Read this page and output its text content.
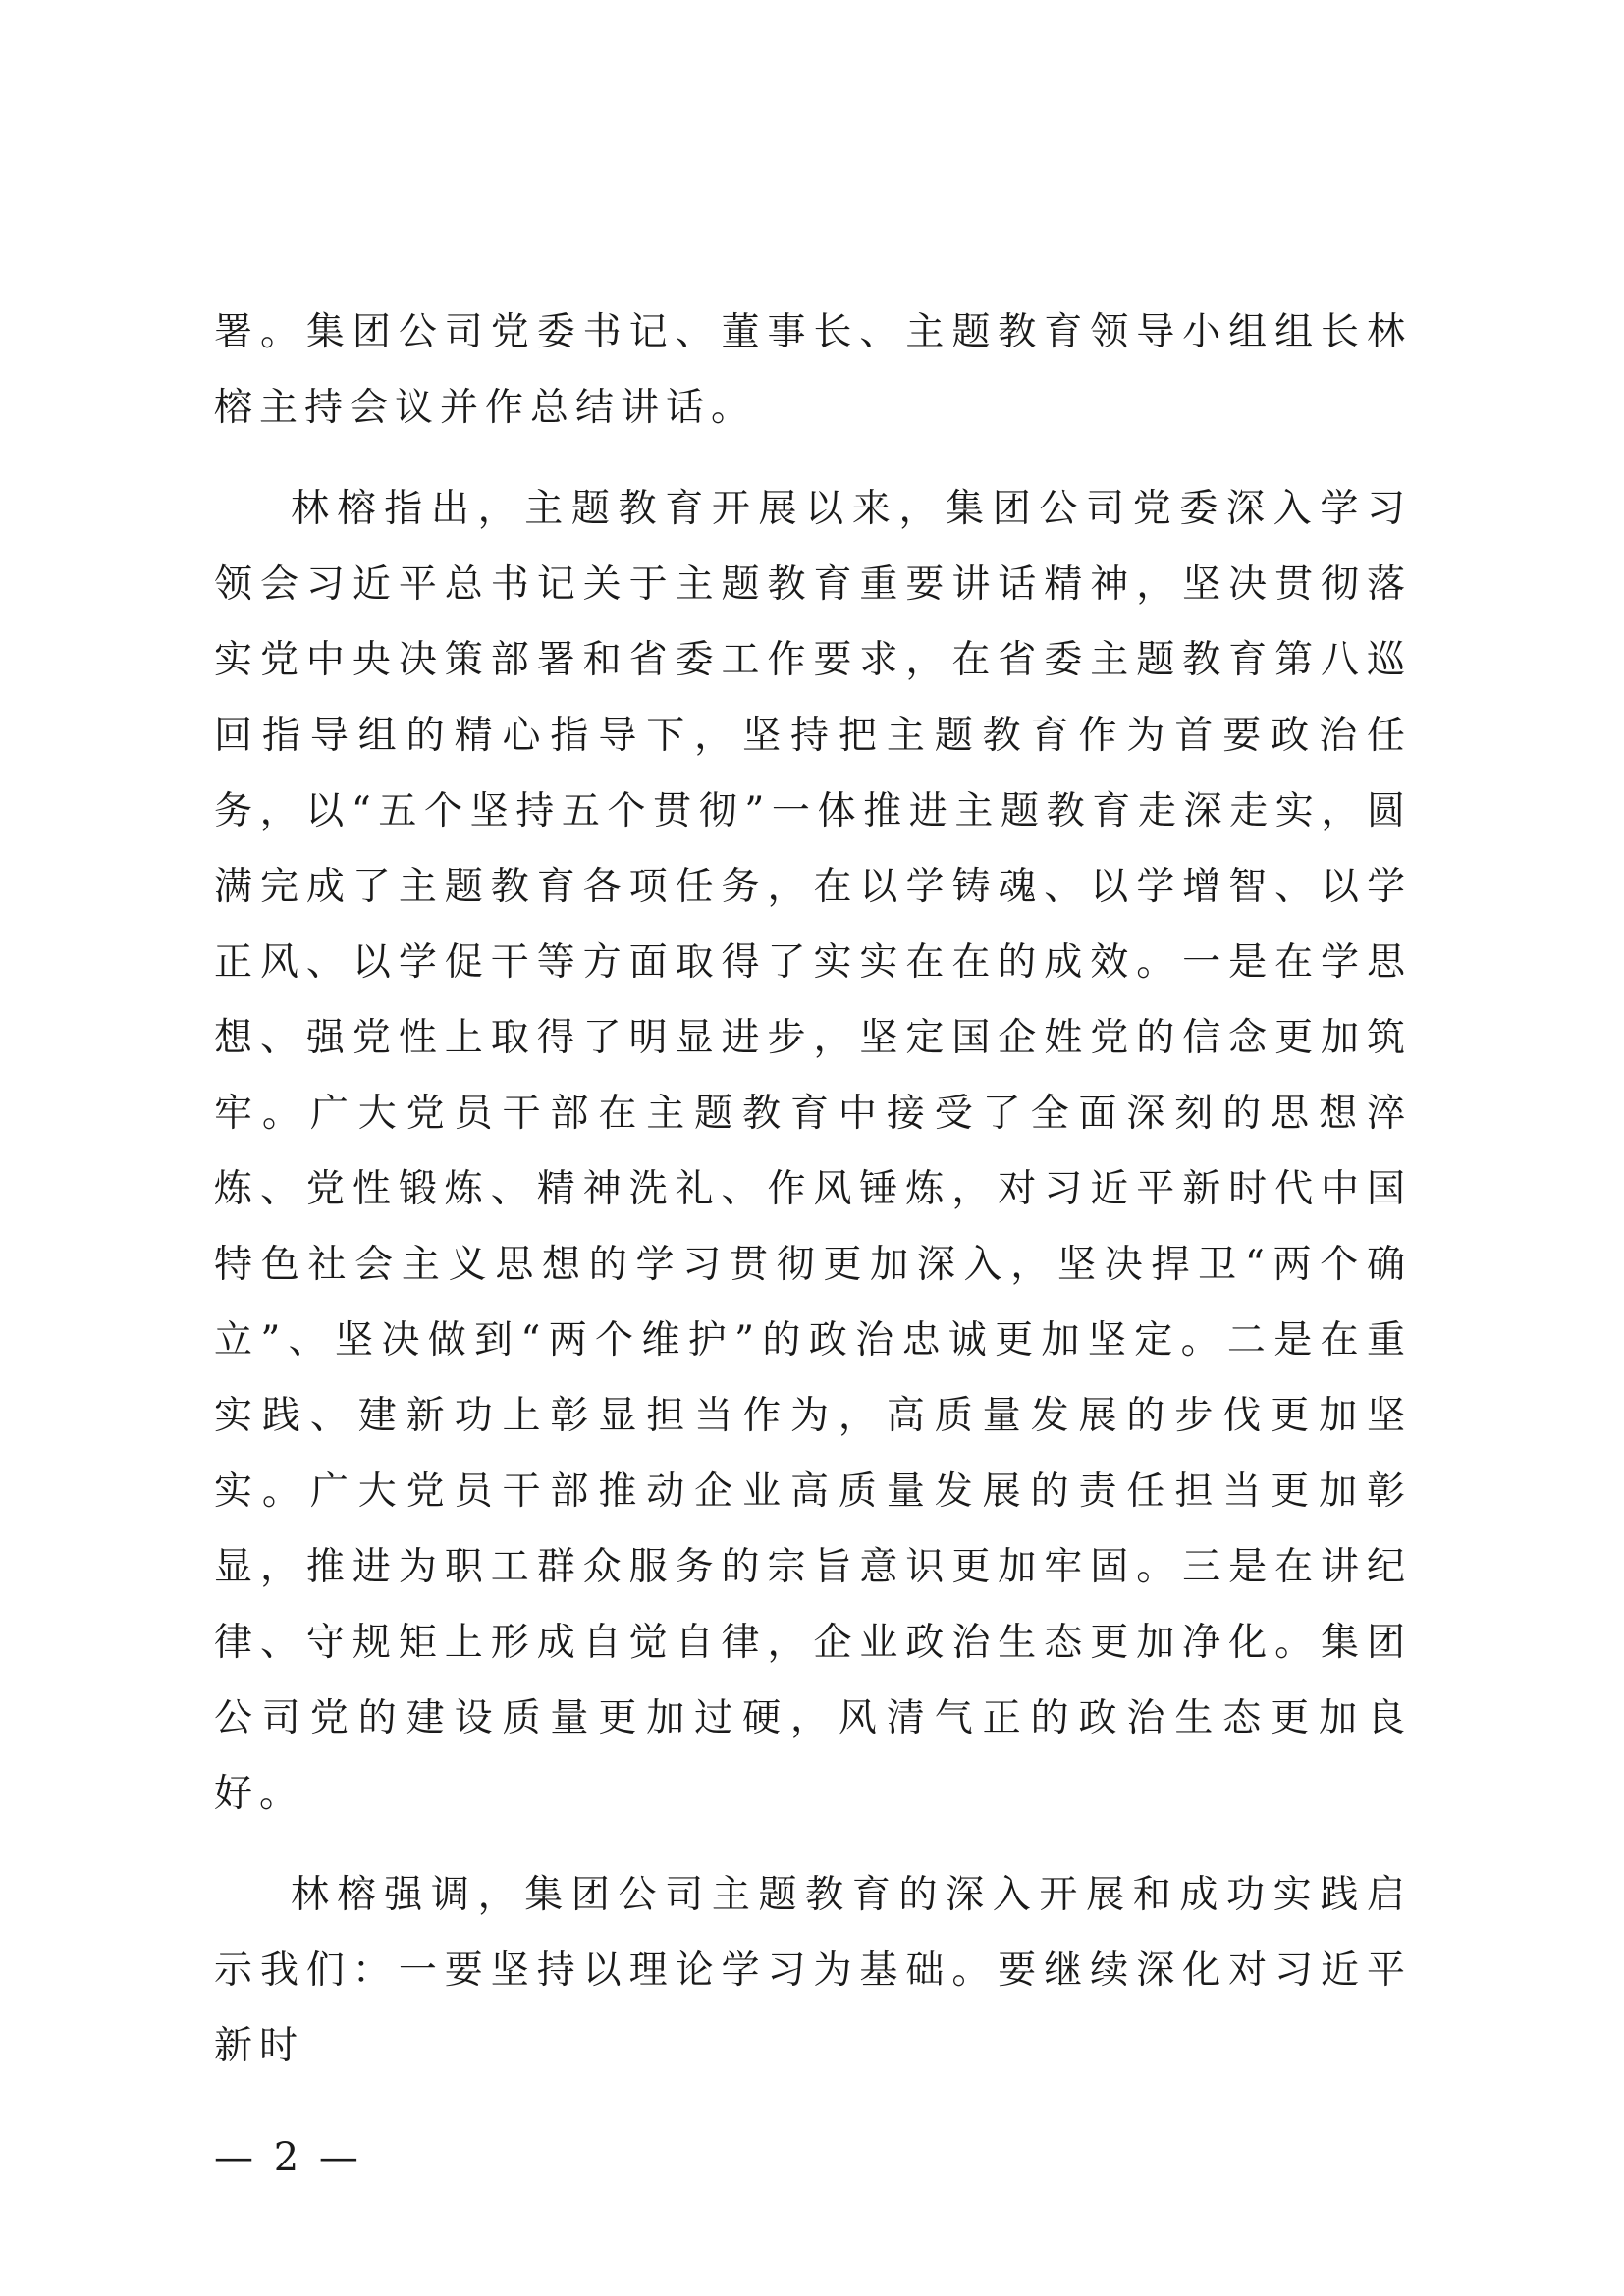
署。集团公司党委书记、董事长、主题教育领导小组组长林榕主持会议并作总结讲话。

林榕指出，主题教育开展以来，集团公司党委深入学习领会习近平总书记关于主题教育重要讲话精神，坚决贯彻落实党中央决策部署和省委工作要求，在省委主题教育第八巡回指导组的精心指导下，坚持把主题教育作为首要政治任务，以“五个坚持五个贯彻”一体推进主题教育走深走实，圆满完成了主题教育各项任务，在以学铸魂、以学增智、以学正风、以学促干等方面取得了实实在在的成效。一是在学思想、强党性上取得了明显进步，坚定国企姓党的信念更加筑牢。广大党员干部在主题教育中接受了全面深刻的思想淬炼、党性锻炼、精神洗礼、作风锤炼，对习近平新时代中国特色社会主义思想的学习贯彻更加深入，坚决捍卫“两个确立”、坚决做到“两个维护”的政治忠诚更加坚定。二是在重实践、建新功上彰显担当作为，高质量发展的步伐更加坚实。广大党员干部推动企业高质量发展的责任担当更加彰显，推进为职工群众服务的宗旨意识更加牢固。三是在讲纪律、守规矩上形成自觉自律，企业政治生态更加净化。集团公司党的建设质量更加过硬，风清气正的政治生态更加良好。

林榕强调，集团公司主题教育的深入开展和成功实践启示我们：一要坚持以理论学习为基础。要继续深化对习近平新时

— 2 —
